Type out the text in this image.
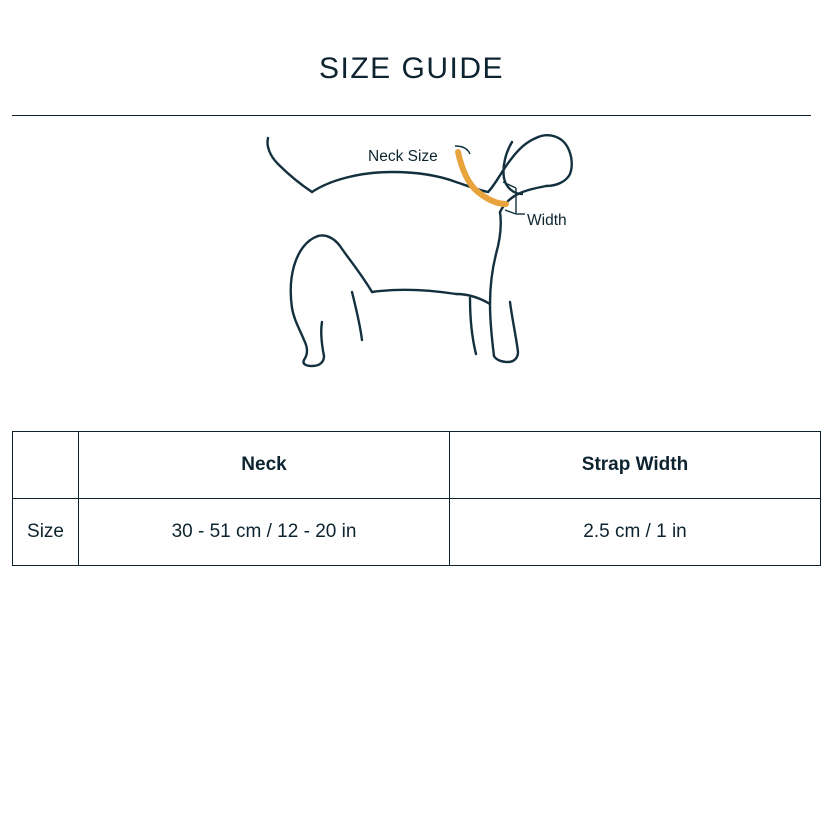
SIZE GUIDE
Neck Size
Width
	Neck	Strap Width
Size	30 - 51 cm / 12 - 20 in	2.5 cm / 1 in
